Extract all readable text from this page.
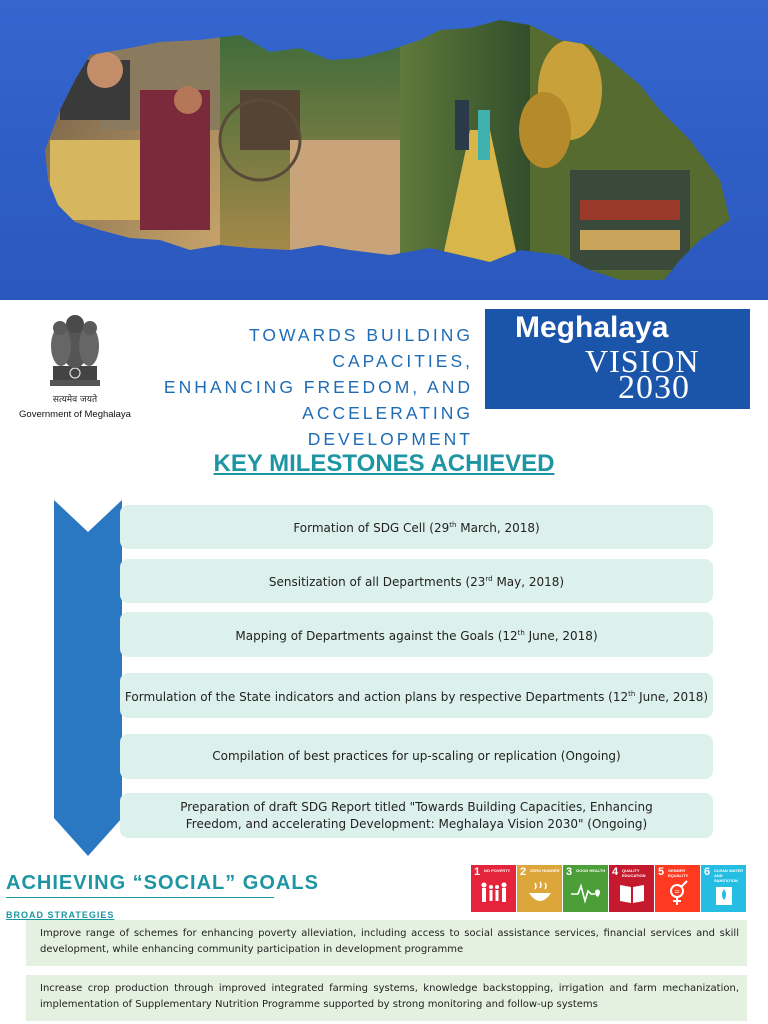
सत्यमेव जयते
Government of Meghalaya
TOWARDS BUILDING CAPACITIES,
ENHANCING FREEDOM, AND
ACCELERATING DEVELOPMENT
Meghalaya
VISION
2030
KEY MILESTONES ACHIEVED
Formation of SDG Cell (29th March, 2018)
Sensitization of all Departments (23rd May, 2018)
Mapping of Departments against the Goals (12th June, 2018)
Formulation of the State indicators and action plans by respective Departments (12th June, 2018)
Compilation of best practices for up-scaling or replication (Ongoing)
Preparation of draft SDG Report titled "Towards Building Capacities, Enhancing Freedom, and accelerating Development: Meghalaya Vision 2030" (Ongoing)
ACHIEVING “SOCIAL” GOALS
BROAD STRATEGIES
1 NO POVERTY 2 ZERO HUNGER 3 GOOD HEALTH 4 QUALITY EDUCATION	5 GENDER EQUALITY
=
6 CLEAN WATER AND SANITATION
Improve range of schemes for enhancing poverty alleviation, including access to social assistance services, financial services and skill development, while enhancing community participation in development programme
Increase crop production through improved integrated farming systems, knowledge backstopping, irrigation and farm mechanization, implementation of Supplementary Nutrition Programme supported by strong monitoring and follow-up systems
